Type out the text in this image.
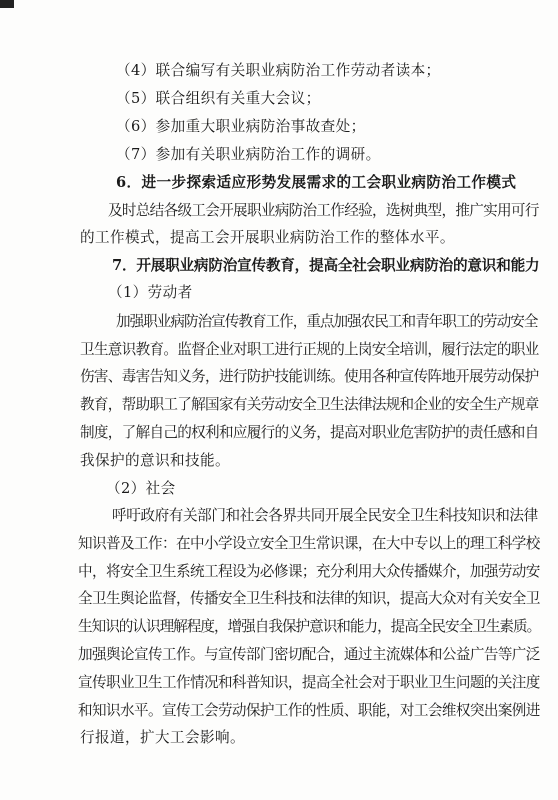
（4）联合编写有关职业病防治工作劳动者读本；
（5）联合组织有关重大会议；
（6）参加重大职业病防治事故查处；
（7）参加有关职业病防治工作的调研。
6．进一步探索适应形势发展需求的工会职业病防治工作模式
及时总结各级工会开展职业病防治工作经验，选树典型，推广实用可行
的工作模式，提高工会开展职业病防治工作的整体水平。
7．开展职业病防治宣传教育，提高全社会职业病防治的意识和能力
（1）劳动者
加强职业病防治宣传教育工作，重点加强农民工和青年职工的劳动安全
卫生意识教育。监督企业对职工进行正规的上岗安全培训，履行法定的职业
伤害、毒害告知义务，进行防护技能训练。使用各种宣传阵地开展劳动保护
教育，帮助职工了解国家有关劳动安全卫生法律法规和企业的安全生产规章
制度，了解自己的权利和应履行的义务，提高对职业危害防护的责任感和自
我保护的意识和技能。
（2）社会
呼吁政府有关部门和社会各界共同开展全民安全卫生科技知识和法律
知识普及工作：在中小学设立安全卫生常识课，在大中专以上的理工科学校
中，将安全卫生系统工程设为必修课；充分利用大众传播媒介，加强劳动安
全卫生舆论监督，传播安全卫生科技和法律的知识，提高大众对有关安全卫
生知识的认识理解程度，增强自我保护意识和能力，提高全民安全卫生素质。
加强舆论宣传工作。与宣传部门密切配合，通过主流媒体和公益广告等广泛
宣传职业卫生工作情况和科普知识，提高全社会对于职业卫生问题的关注度
和知识水平。宣传工会劳动保护工作的性质、职能，对工会维权突出案例进
行报道，扩大工会影响。
